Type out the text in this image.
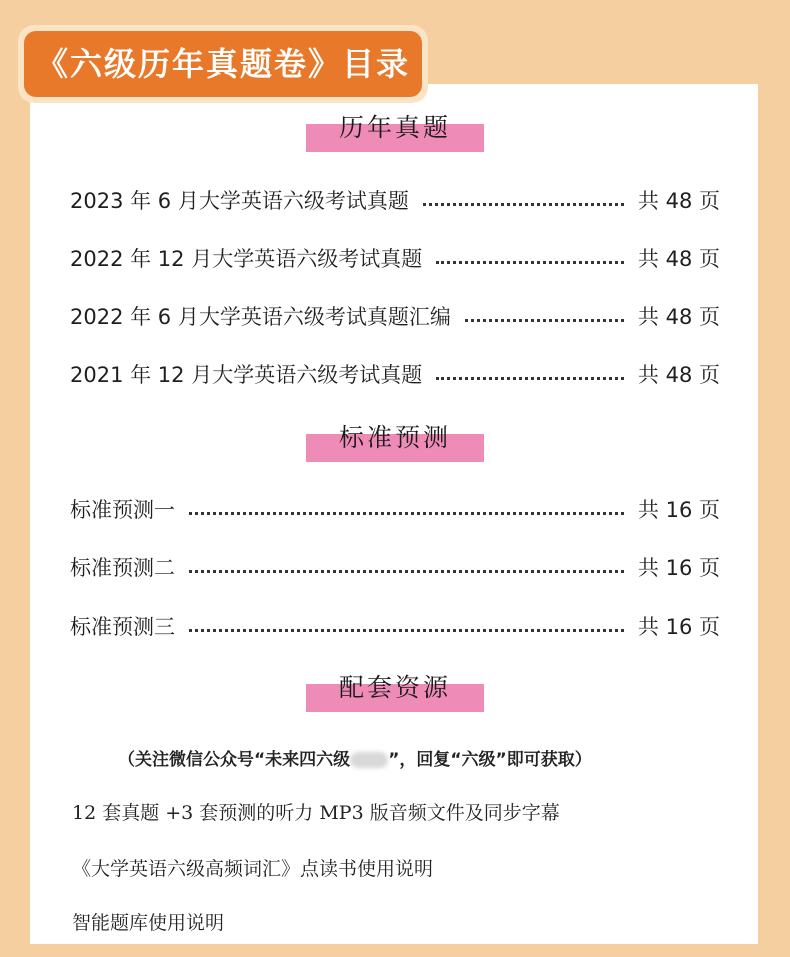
《六级历年真题卷》目录
历年真题
2023 年 6 月大学英语六级考试真题	共 48 页
2022 年 12 月大学英语六级考试真题	共 48 页
2022 年 6 月大学英语六级考试真题汇编	共 48 页
2021 年 12 月大学英语六级考试真题	共 48 页
标准预测
标准预测一	共 16 页
标准预测二	共 16 页
标准预测三	共 16 页
配套资源
（关注微信公众号“未来四六级 ”，回复“六级”即可获取）
12 套真题 +3 套预测的听力 MP3 版音频文件及同步字幕
《大学英语六级高频词汇》点读书使用说明
智能题库使用说明
